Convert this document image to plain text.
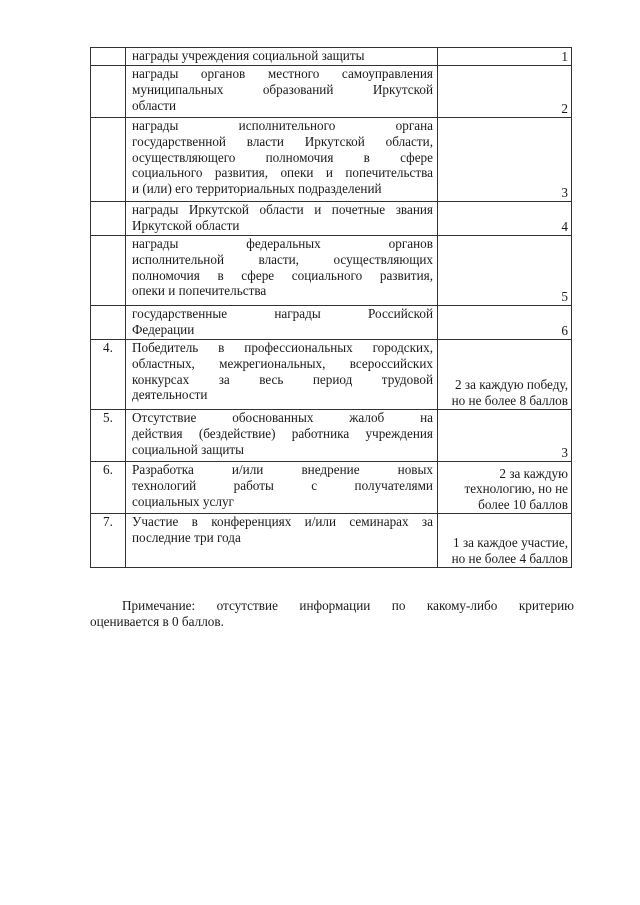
	награды учреждения социальной защиты	1

	награды органов местного самоуправления
муниципальных образований Иркутской
области	2

	награды исполнительного органа
государственной власти Иркутской области,
осуществляющего полномочия в сфере
социального развития, опеки и попечительства
и (или) его территориальных подразделений	3

	награды Иркутской области и почетные звания
Иркутской области	4

	награды федеральных органов
исполнительной власти, осуществляющих
полномочия в сфере социального развития,
опеки и попечительства	5

	государственные награды Российской
Федерации	6

4.	Победитель в профессиональных городских,
областных, межрегиональных, всероссийских
конкурсах за весь период трудовой
деятельности	2 за каждую победу,
но не более 8 баллов

5.	Отсутствие обоснованных жалоб на
действия (бездействие) работника учреждения
социальной защиты	3

6.	Разработка и/или внедрение новых
технологий работы с получателями
социальных услуг	2 за каждую
технологию, но не
более 10 баллов

7.	Участие в конференциях и/или семинарах за
последние три года	1 за каждое участие,
но не более 4 баллов
Примечание: отсутствие информации по какому-либо критерию
оценивается в 0 баллов.
